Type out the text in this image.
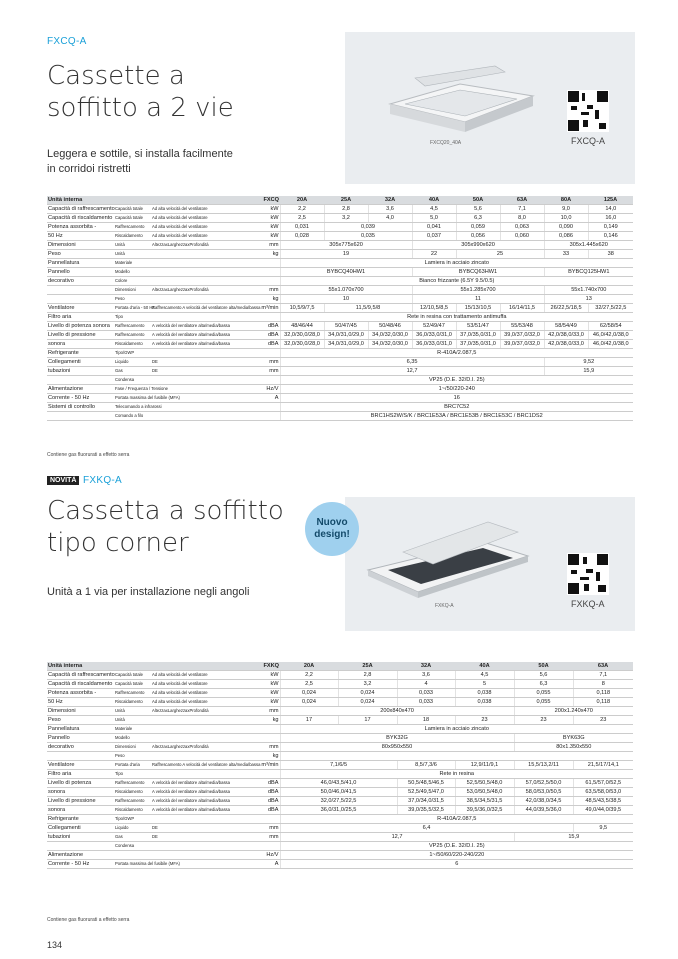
FXCQ-A
Cassette a
soffitto a 2 vie
Leggera e sottile, si installa facilmente
in corridoi ristretti
FXCQ20_40A	FXCQ-A
Unità interna			FXCQ	20A	25A	32A	40A	50A	63A	80A	125A
Capacità di raffrescamento	Capacità totale	Ad alta velocità del ventilatore	kW	2,2	2,8	3,6	4,5	5,6	7,1	9,0	14,0
Capacità di riscaldamento	Capacità totale	Ad alta velocità del ventilatore	kW	2,5	3,2	4,0	5,0	6,3	8,0	10,0	16,0
Potenza assorbita -	Raffrescamento	Ad alta velocità del ventilatore	kW	0,031	0,039		0,041	0,059	0,063	0,090	0,149
50 Hz	Riscaldamento	Ad alta velocità del ventilatore	kW	0,028	0,035		0,037	0,056	0,060	0,086	0,146
Dimensioni	Unità	AltezzaxLarghezzaxProfondità	mm	305x775x620			305x990x620			305x1.445x620	
Peso	Unità		kg	19			22	25		33	38
Pannellatura	Materiale			Lamiera in acciaio zincato							
Pannello	Modello			BYBCQ40HW1			BYBCQ63HW1			BYBCQ125HW1	
decorativo	Colore			Bianco frizzante (6.5Y 9.5/0.5)							
	Dimensioni	AltezzaxLarghezzaxProfondità	mm	55x1.070x700			55x1.285x700			55x1.740x700	
	Peso		kg	10			11			13	
Ventilatore	Portata d'aria - 50 Hz	Raffrescamento A velocità del ventilatore alta/media/bassa	m³/min	10,5/9/7,5	11,5/9,5/8		12/10,5/8,5	15/13/10,5	16/14/11,5	26/22,5/18,5	32/27,5/22,5
Filtro aria	Tipo			Rete in resina con trattamento antimuffa							
Livello di potenza sonora	Raffrescamento	A velocità del ventilatore alta/media/bassa	dBA	48/46/44	50/47/45	50/48/46	52/49/47	53/51/47	55/53/48	58/54/49	62/58/54
Livello di pressione	Raffrescamento	A velocità del ventilatore alta/media/bassa	dBA	32,0/30,0/28,0	34,0/31,0/29,0	34,0/32,0/30,0	36,0/33,0/31,0	37,0/35,0/31,0	39,0/37,0/32,0	42,0/38,0/33,0	46,0/42,0/38,0
sonora	Riscaldamento	A velocità del ventilatore alta/media/bassa	dBA	32,0/30,0/28,0	34,0/31,0/29,0	34,0/32,0/30,0	36,0/33,0/31,0	37,0/35,0/31,0	39,0/37,0/32,0	42,0/38,0/33,0	46,0/42,0/38,0
Refrigerante	Tipo/GWP			R-410A/2.087,5							
Collegamenti	Liquido	DE	mm	6,35						9,52	
tubazioni	Gas	DE	mm	12,7						15,9	
	Condensa			VP25 (D.E. 32/D.I. 25)							
Alimentazione	Fase / Frequenza / Tensione		Hz/V	1~/50/220-240							
Corrente - 50 Hz	Portata massima del fusibile (MFA)		A	16							
Sistemi di controllo	Telecomando a infrarossi			BRC7C52							
	Comando a filo			BRC1HS2W/S/K / BRC1E53A / BRC1E53B / BRC1E53C / BRC1DS2							
Contiene gas fluorurati a effetto serra
NOVITÀ FXKQ-A
Cassetta a soffitto
tipo corner
Unità a 1 via per installazione negli angoli
FXKQ-A	FXKQ-A
Nuovo
design!
Unità interna			FXKQ	20A	25A	32A	40A	50A	63A
Capacità di raffrescamento	Capacità totale	Ad alta velocità del ventilatore	kW	2,2	2,8	3,6	4,5	5,6	7,1
Capacità di riscaldamento	Capacità totale	Ad alta velocità del ventilatore	kW	2,5	3,2	4	5	6,3	8
Potenza assorbita -	Raffrescamento	Ad alta velocità del ventilatore	kW	0,024	0,024	0,033	0,038	0,055	0,118
50 Hz	Riscaldamento	Ad alta velocità del ventilatore	kW	0,024	0,024	0,033	0,038	0,055	0,118
Dimensioni	Unità	AltezzaxLarghezzaxProfondità	mm	200x840x470				200x1.240x470	
Peso	Unità		kg	17	17	18	23	23	23
Pannellatura	Materiale			Lamiera in acciaio zincato					
Pannello	Modello			BYK32G				BYK63G	
decorativo	Dimensioni	AltezzaxLarghezzaxProfondità	mm	80x950x550				80x1.350x550	
	Peso		kg						
Ventilatore	Portata d'aria	Raffrescamento A velocità del ventilatore alta/media/bassa	m³/min	7,1/6/5		8,5/7,3/6	12,9/11/9,1	15,5/13,2/11	21,5/17/14,1
Filtro aria	Tipo			Rete in resina					
Livello di potenza	Raffrescamento	A velocità del ventilatore alta/media/bassa	dBA	46,0/43,5/41,0		50,5/48,5/46,5	52,5/50,5/48,0	57,0/52,5/50,0	61,5/57,0/52,5
sonora	Riscaldamento	A velocità del ventilatore alta/media/bassa	dBA	50,0/46,0/41,5		52,5/49,5/47,0	53,0/50,5/48,0	58,0/53,0/50,5	63,5/58,0/53,0
Livello di pressione	Raffrescamento	A velocità del ventilatore alta/media/bassa	dBA	32,0/27,5/22,5		37,0/34,0/31,5	38,5/34,5/31,5	42,0/38,0/34,5	48,5/43,5/38,5
sonora	Riscaldamento	A velocità del ventilatore alta/media/bassa	dBA	36,0/31,0/25,5		39,0/35,5/32,5	39,5/36,0/32,5	44,0/39,5/36,0	49,0/44,0/39,5
Refrigerante	Tipo/GWP			R-410A/2.087,5					
Collegamenti	Liquido	DE	mm	6,4					9,5
tubazioni	Gas	DE	mm	12,7				15,9	
	Condensa			VP25 (D.E. 32/D.I. 25)					
Alimentazione			Hz/V	1~/50/60/220-240/220					
Corrente - 50 Hz	Portata massima del fusibile (MFA)		A	6					
Contiene gas fluorurati a effetto serra
134
